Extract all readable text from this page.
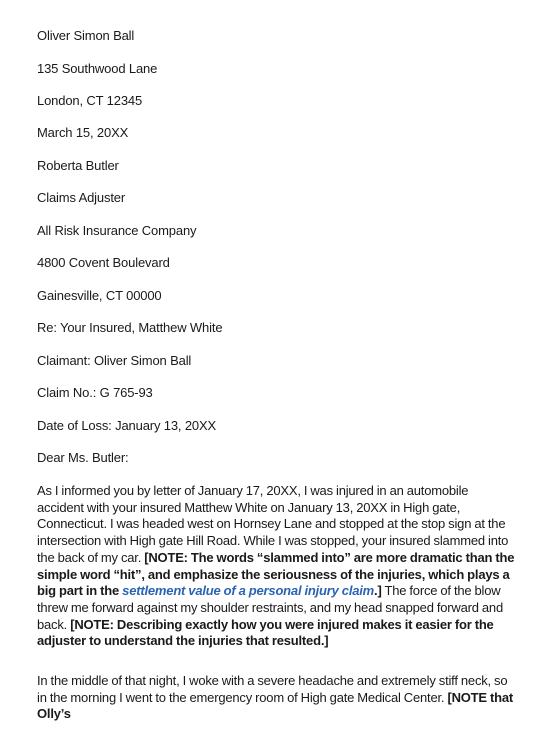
Oliver Simon Ball
135 Southwood Lane
London, CT 12345
March 15, 20XX
Roberta Butler
Claims Adjuster
All Risk Insurance Company
4800 Covent Boulevard
Gainesville, CT 00000
Re: Your Insured, Matthew White
Claimant: Oliver Simon Ball
Claim No.: G 765-93
Date of Loss: January 13, 20XX
Dear Ms. Butler:
As I informed you by letter of January 17, 20XX, I was injured in an automobile accident with your insured Matthew White on January 13, 20XX in High gate, Connecticut. I was headed west on Hornsey Lane and stopped at the stop sign at the intersection with High gate Hill Road. While I was stopped, your insured slammed into the back of my car. [NOTE: The words “slammed into” are more dramatic than the simple word “hit”, and emphasize the seriousness of the injuries, which plays a big part in the settlement value of a personal injury claim.] The force of the blow threw me forward against my shoulder restraints, and my head snapped forward and back. [NOTE: Describing exactly how you were injured makes it easier for the adjuster to understand the injuries that resulted.]
In the middle of that night, I woke with a severe headache and extremely stiff neck, so in the morning I went to the emergency room of High gate Medical Center. [NOTE that Olly’s
